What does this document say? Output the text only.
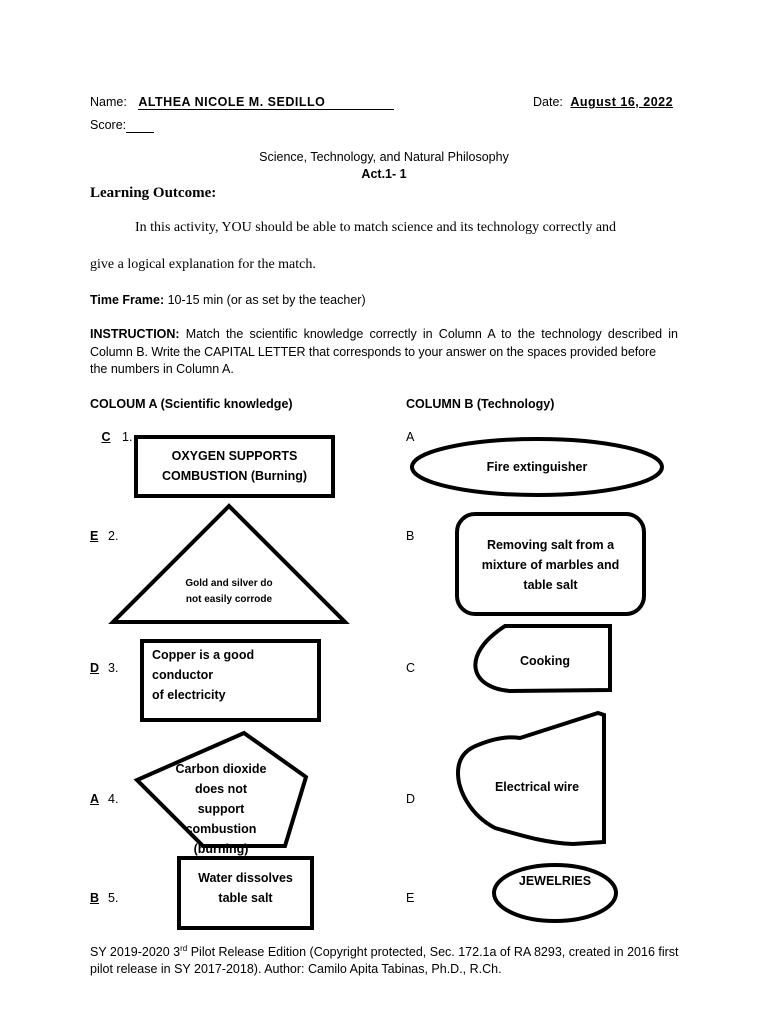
Name: ALTHEA NICOLE M. SEDILLO	Date: August 16, 2022
Score:
Science, Technology, and Natural Philosophy
Act.1- 1
Learning Outcome:
In this activity, YOU should be able to match science and its technology correctly and
give a logical explanation for the match.
Time Frame: 10-15 min (or as set by the teacher)
INSTRUCTION: Match the scientific knowledge correctly in Column A to the technology described in
Column B. Write the CAPITAL LETTER that corresponds to your answer on the spaces provided before
the numbers in Column A.
COLOUM A (Scientific knowledge)	COLUMN B (Technology)
C 1.
E 2.
D 3.
A 4.
B 5.
A
B
C
D
E
OXYGEN SUPPORTS
COMBUSTION (Burning)
Gold and silver do
not easily corrode
Copper is a good conductor
of electricity
Carbon dioxide
does not
support
combustion
(burning)
Water dissolves
table salt
Fire extinguisher
Removing salt from a
mixture of marbles and
table salt
Cooking
Electrical wire
JEWELRIES
SY 2019-2020 3rd Pilot Release Edition (Copyright protected, Sec. 172.1a of RA 8293, created in 2016 first
pilot release in SY 2017-2018). Author: Camilo Apita Tabinas, Ph.D., R.Ch.
